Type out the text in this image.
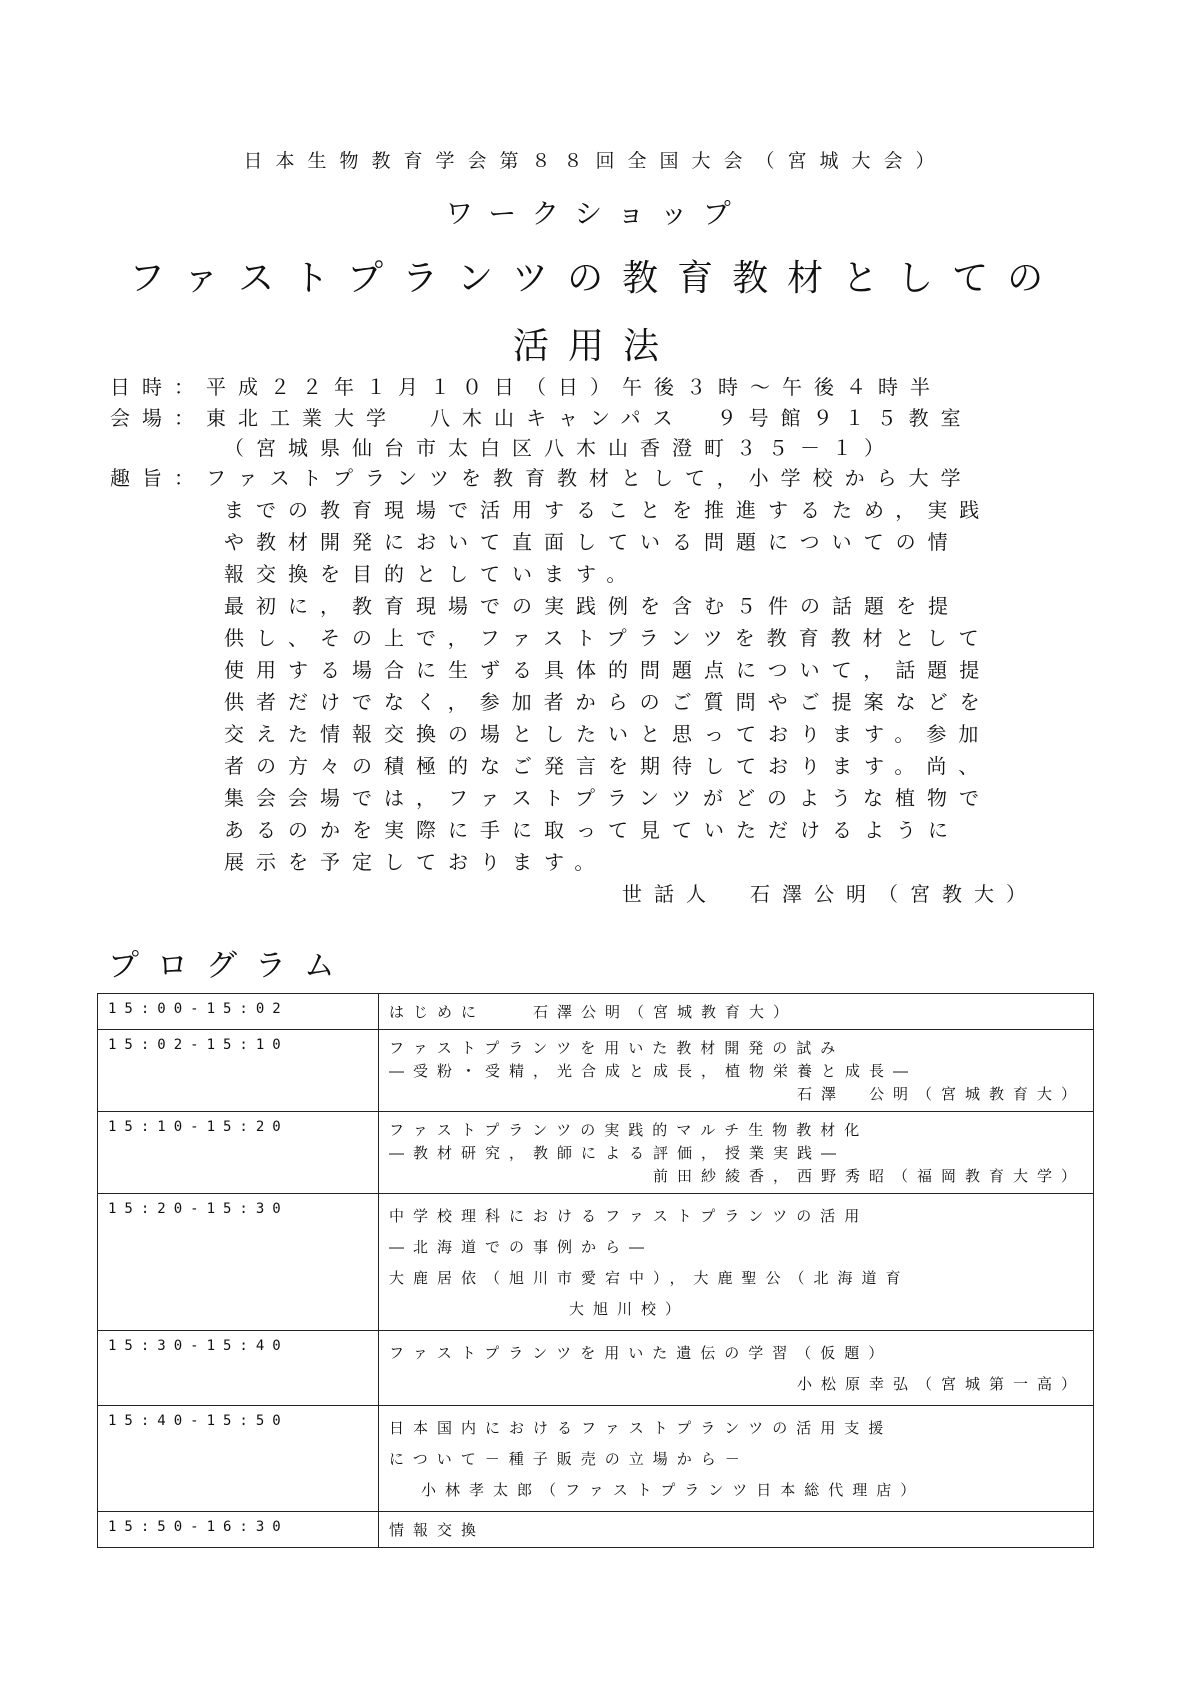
日本生物教育学会第８８回全国大会（宮城大会）
ワークショップ
ファストプランツの教育教材としての
活用法
日時：平成２２年１月１０日（日）午後３時～午後４時半
会場：東北工業大学　八木山キャンパス　９号館９１５教室
（宮城県仙台市太白区八木山香澄町３５－１）
趣旨：ファストプランツを教育教材として，小学校から大学
までの教育現場で活用することを推進するため，実践
や教材開発において直面している問題についての情
報交換を目的としています。
最初に，教育現場での実践例を含む５件の話題を提
供し、その上で，ファストプランツを教育教材として
使用する場合に生ずる具体的問題点について，話題提
供者だけでなく，参加者からのご質問やご提案などを
交えた情報交換の場としたいと思っております。参加
者の方々の積極的なご発言を期待しております。尚、
集会会場では，ファストプランツがどのような植物で
あるのかを実際に手に取って見ていただけるように
展示を予定しております。
世話人　石澤公明（宮教大）
プログラム
15:00-15:02	はじめに　　石澤公明（宮城教育大）

15:02-15:10	ファストプランツを用いた教材開発の試み
―受粉・受精，光合成と成長，植物栄養と成長―
石澤　公明（宮城教育大）

15:10-15:20	ファストプランツの実践的マルチ生物教材化
―教材研究，教師による評価，授業実践―
前田紗綾香，西野秀昭（福岡教育大学）

15:20-15:30	中学校理科におけるファストプランツの活用
―北海道での事例から―
大鹿居依（旭川市愛宕中），大鹿聖公（北海道育
大旭川校）

15:30-15:40	ファストプランツを用いた遺伝の学習（仮題）
小松原幸弘（宮城第一高）

15:40-15:50	日本国内におけるファストプランツの活用支援
について－種子販売の立場から－
小林孝太郎（ファストプランツ日本総代理店）

15:50-16:30	情報交換
